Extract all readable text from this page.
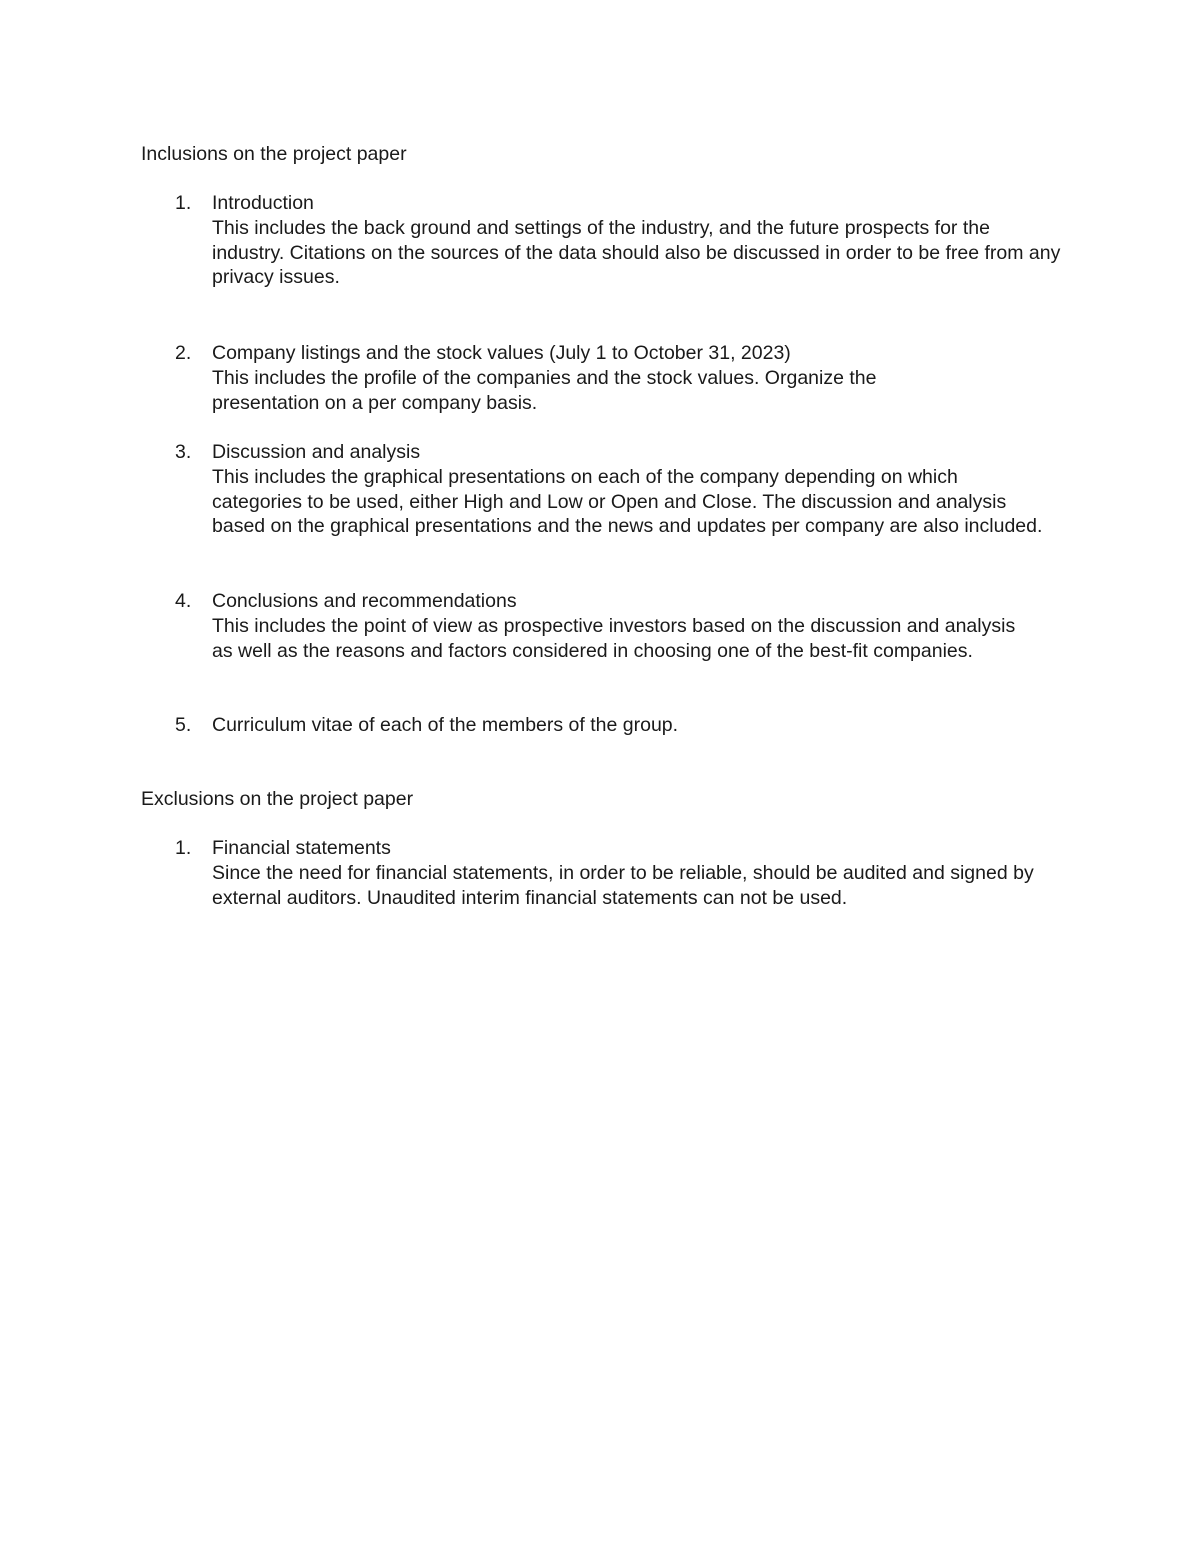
Inclusions on the project paper
1.	Introduction
This includes the back ground and settings of the industry, and the future prospects for the industry. Citations on the sources of the data should also be discussed in order to be free from any privacy issues.
2.	Company listings and the stock values (July 1 to October 31, 2023)
This includes the profile of the companies and the stock values. Organize the presentation on a per company basis.
3.	Discussion and analysis
This includes the graphical presentations on each of the company depending on which categories to be used, either High and Low or Open and Close. The discussion and analysis based on the graphical presentations and the news and updates per company are also included.
4.	Conclusions and recommendations
This includes the point of view as prospective investors based on the discussion and analysis as well as the reasons and factors considered in choosing one of the best-fit companies.
5.	Curriculum vitae of each of the members of the group.
Exclusions on the project paper
1.	Financial statements
Since the need for financial statements, in order to be reliable, should be audited and signed by external auditors. Unaudited interim financial statements can not be used.
